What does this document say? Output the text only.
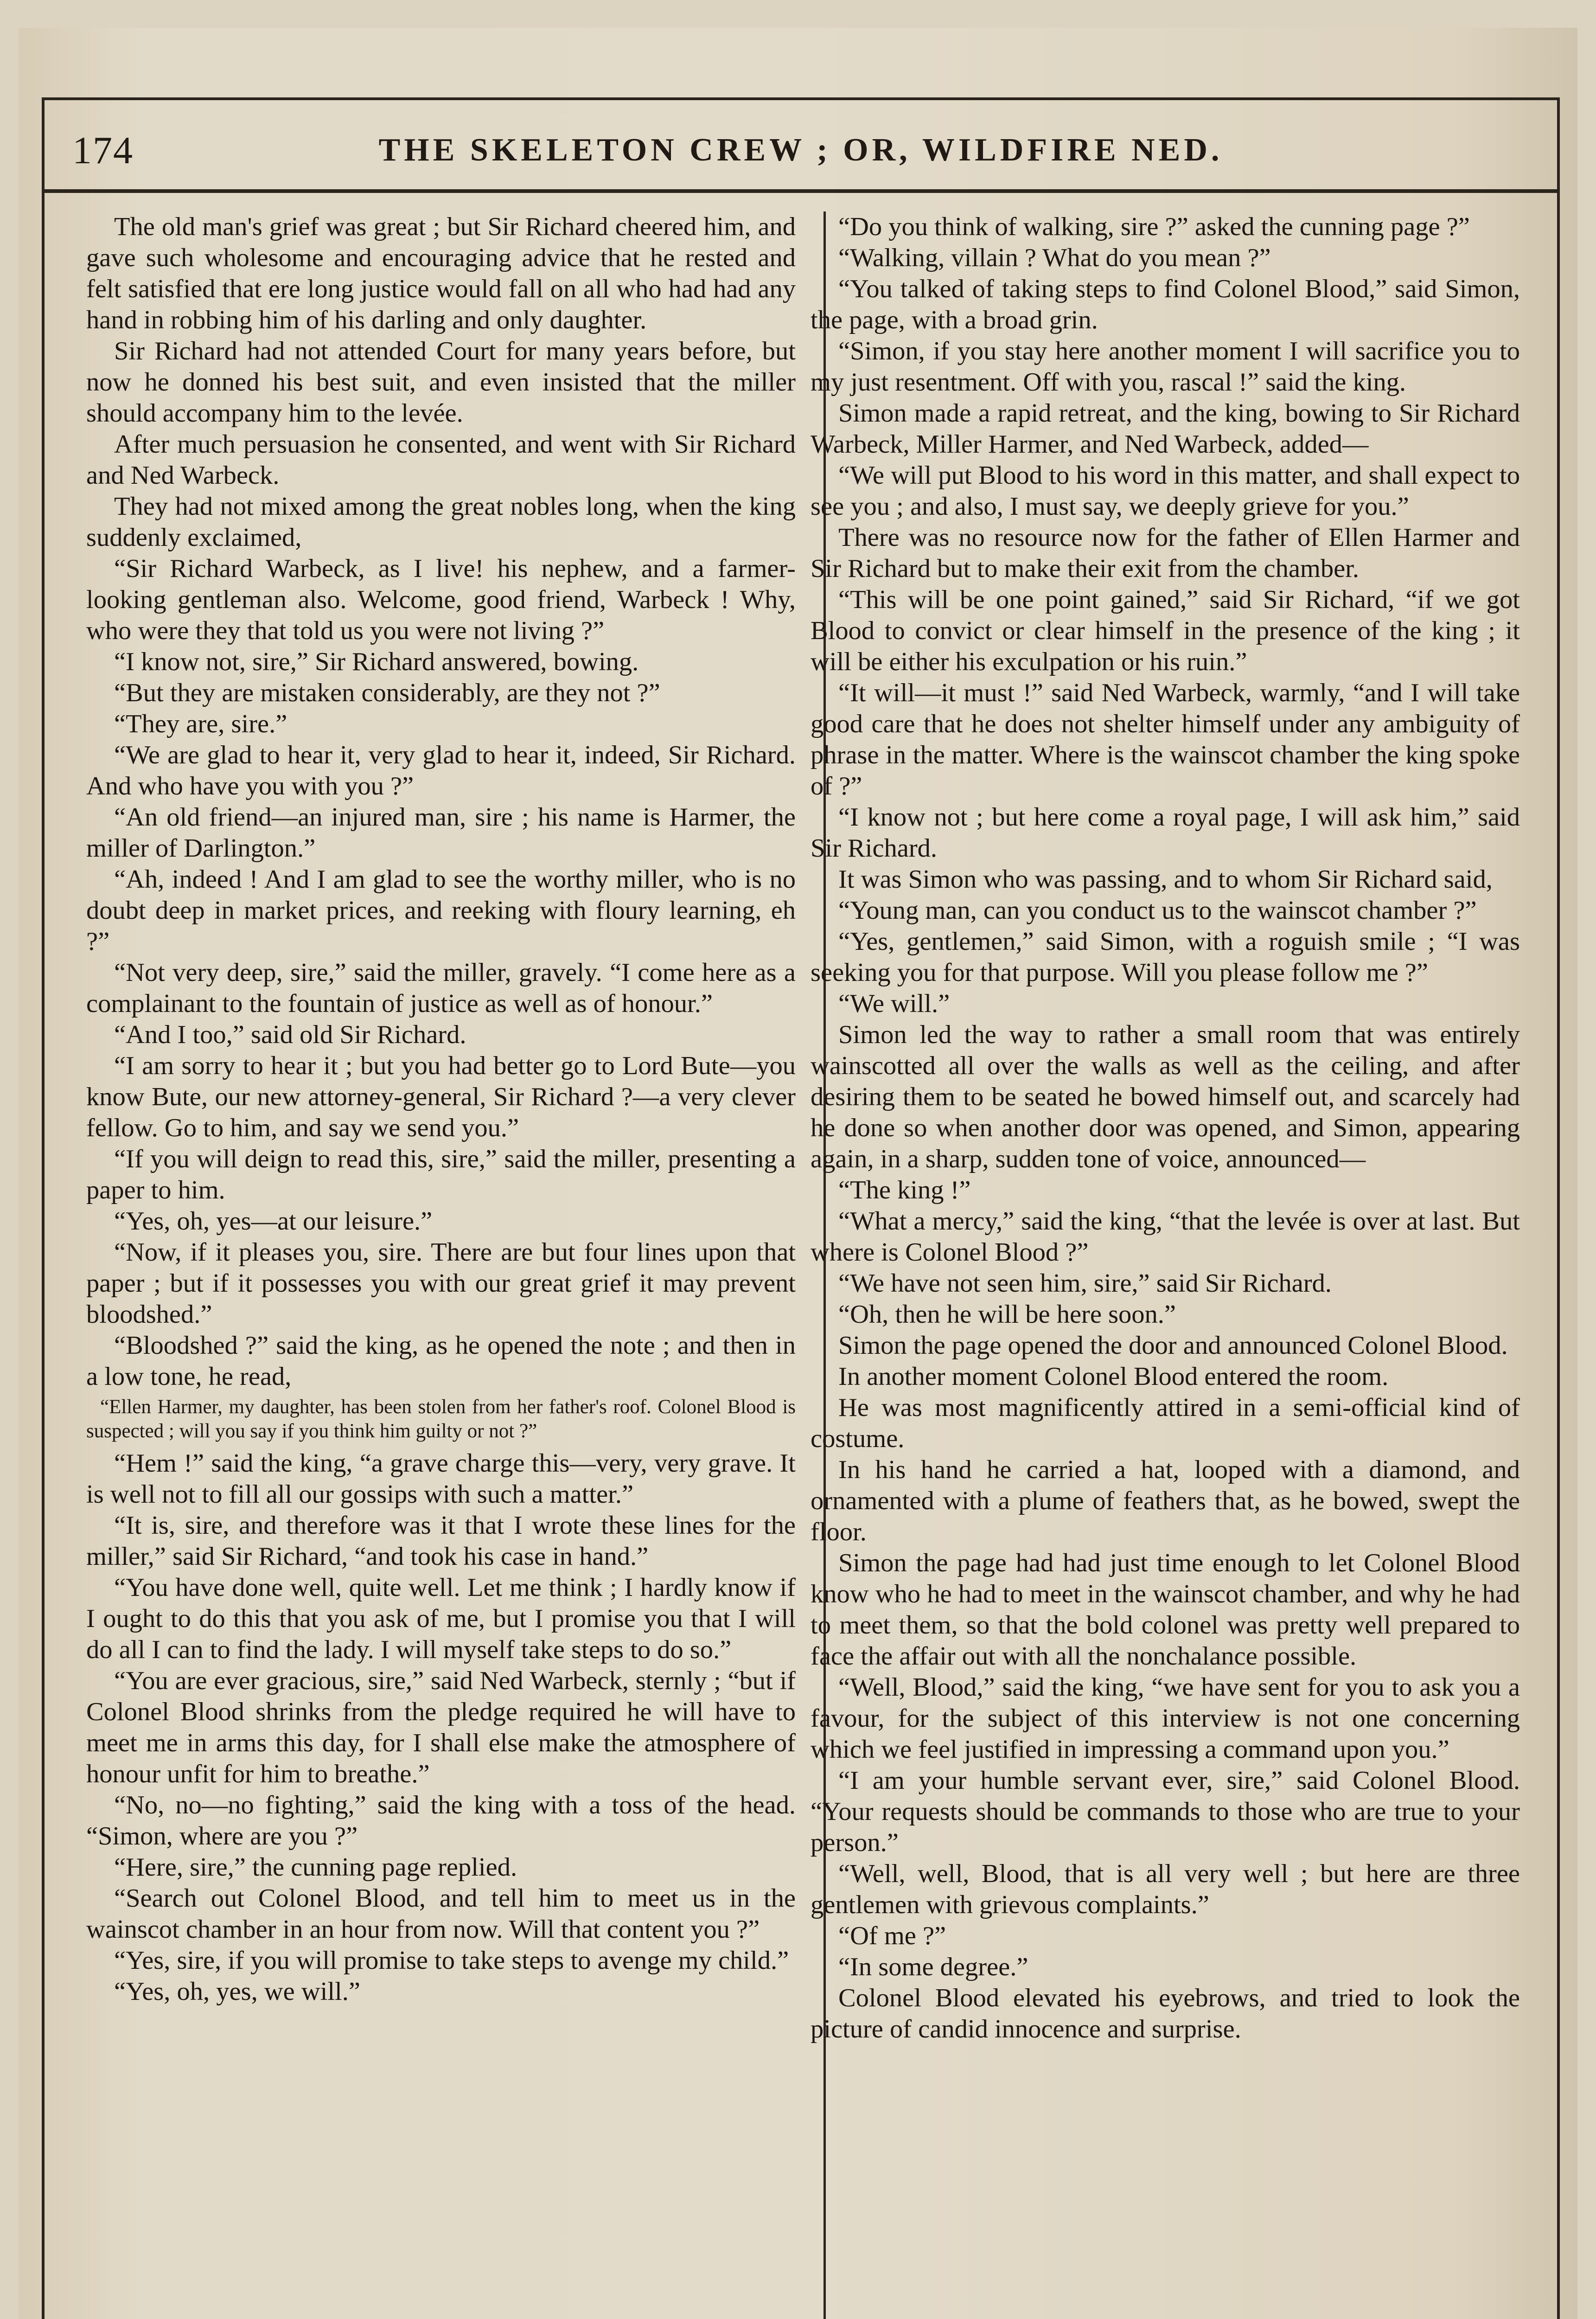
174	THE SKELETON CREW ; OR, WILDFIRE NED.

The old man's grief was great ; but Sir Richard cheered him, and gave such wholesome and encouraging advice that he rested and felt satisfied that ere long justice would fall on all who had had any hand in robbing him of his darling and only daughter.

Sir Richard had not attended Court for many years before, but now he donned his best suit, and even insisted that the miller should accompany him to the levée.

After much persuasion he consented, and went with Sir Richard and Ned Warbeck.

They had not mixed among the great nobles long, when the king suddenly exclaimed,

“Sir Richard Warbeck, as I live! his nephew, and a farmer-looking gentleman also. Welcome, good friend, Warbeck ! Why, who were they that told us you were not living ?”

“I know not, sire,” Sir Richard answered, bowing.

“But they are mistaken considerably, are they not ?”

“They are, sire.”

“We are glad to hear it, very glad to hear it, indeed, Sir Richard. And who have you with you ?”

“An old friend—an injured man, sire ; his name is Harmer, the miller of Darlington.”

“Ah, indeed ! And I am glad to see the worthy miller, who is no doubt deep in market prices, and reeking with floury learning, eh ?”

“Not very deep, sire,” said the miller, gravely. “I come here as a complainant to the fountain of justice as well as of honour.”

“And I too,” said old Sir Richard.

“I am sorry to hear it ; but you had better go to Lord Bute—you know Bute, our new attorney-general, Sir Richard ?—a very clever fellow. Go to him, and say we send you.”

“If you will deign to read this, sire,” said the miller, presenting a paper to him.

“Yes, oh, yes—at our leisure.”

“Now, if it pleases you, sire. There are but four lines upon that paper ; but if it possesses you with our great grief it may prevent bloodshed.”

“Bloodshed ?” said the king, as he opened the note ; and then in a low tone, he read,

“Ellen Harmer, my daughter, has been stolen from her father's roof. Colonel Blood is suspected ; will you say if you think him guilty or not ?”

“Hem !” said the king, “a grave charge this—very, very grave. It is well not to fill all our gossips with such a matter.”

“It is, sire, and therefore was it that I wrote these lines for the miller,” said Sir Richard, “and took his case in hand.”

“You have done well, quite well. Let me think ; I hardly know if I ought to do this that you ask of me, but I promise you that I will do all I can to find the lady. I will myself take steps to do so.”

“You are ever gracious, sire,” said Ned Warbeck, sternly ; “but if Colonel Blood shrinks from the pledge required he will have to meet me in arms this day, for I shall else make the atmosphere of honour unfit for him to breathe.”

“No, no—no fighting,” said the king with a toss of the head. “Simon, where are you ?”

“Here, sire,” the cunning page replied.

“Search out Colonel Blood, and tell him to meet us in the wainscot chamber in an hour from now. Will that content you ?”

“Yes, sire, if you will promise to take steps to avenge my child.”

“Yes, oh, yes, we will.”

“Do you think of walking, sire ?” asked the cunning page ?”

“Walking, villain ? What do you mean ?”

“You talked of taking steps to find Colonel Blood,” said Simon, the page, with a broad grin.

“Simon, if you stay here another moment I will sacrifice you to my just resentment. Off with you, rascal !” said the king.

Simon made a rapid retreat, and the king, bowing to Sir Richard Warbeck, Miller Harmer, and Ned Warbeck, added—

“We will put Blood to his word in this matter, and shall expect to see you ; and also, I must say, we deeply grieve for you.”

There was no resource now for the father of Ellen Harmer and Sir Richard but to make their exit from the chamber.

“This will be one point gained,” said Sir Richard, “if we got Blood to convict or clear himself in the presence of the king ; it will be either his exculpation or his ruin.”

“It will—it must !” said Ned Warbeck, warmly, “and I will take good care that he does not shelter himself under any ambiguity of phrase in the matter. Where is the wainscot chamber the king spoke of ?”

“I know not ; but here come a royal page, I will ask him,” said Sir Richard.

It was Simon who was passing, and to whom Sir Richard said,

“Young man, can you conduct us to the wainscot chamber ?”

“Yes, gentlemen,” said Simon, with a roguish smile ; “I was seeking you for that purpose. Will you please follow me ?”

“We will.”

Simon led the way to rather a small room that was entirely wainscotted all over the walls as well as the ceiling, and after desiring them to be seated he bowed himself out, and scarcely had he done so when another door was opened, and Simon, appearing again, in a sharp, sudden tone of voice, announced—

“The king !”

“What a mercy,” said the king, “that the levée is over at last. But where is Colonel Blood ?”

“We have not seen him, sire,” said Sir Richard.

“Oh, then he will be here soon.”

Simon the page opened the door and announced Colonel Blood.

In another moment Colonel Blood entered the room.

He was most magnificently attired in a semi-official kind of costume.

In his hand he carried a hat, looped with a diamond, and ornamented with a plume of feathers that, as he bowed, swept the floor.

Simon the page had had just time enough to let Colonel Blood know who he had to meet in the wainscot chamber, and why he had to meet them, so that the bold colonel was pretty well prepared to face the affair out with all the nonchalance possible.

“Well, Blood,” said the king, “we have sent for you to ask you a favour, for the subject of this interview is not one concerning which we feel justified in impressing a command upon you.”

“I am your humble servant ever, sire,” said Colonel Blood. “Your requests should be commands to those who are true to your person.”

“Well, well, Blood, that is all very well ; but here are three gentlemen with grievous complaints.”

“Of me ?”

“In some degree.”

Colonel Blood elevated his eyebrows, and tried to look the picture of candid innocence and surprise.
